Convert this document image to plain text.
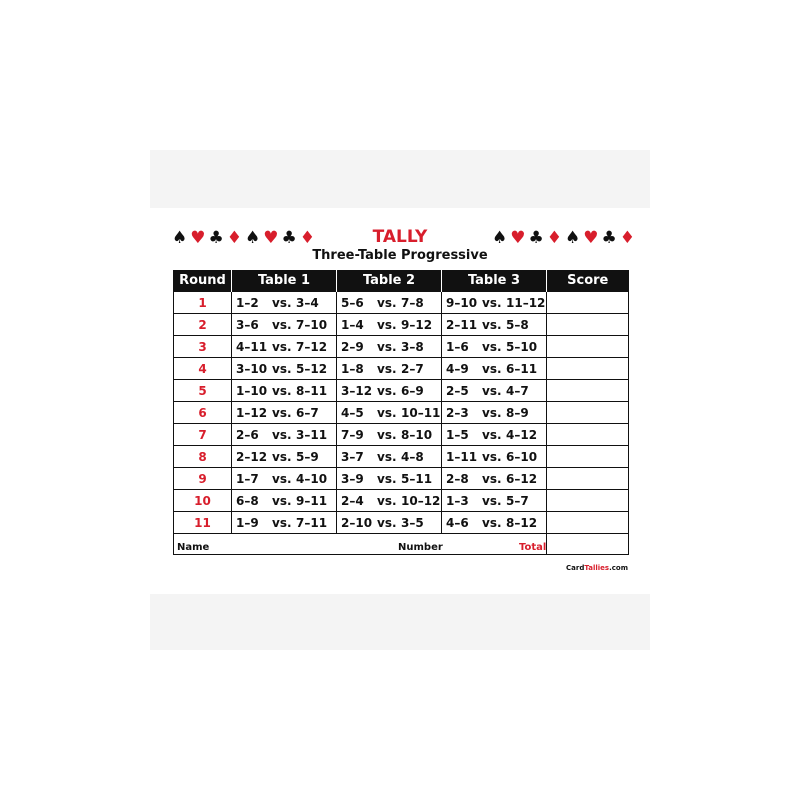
♠♥♣♦♠♥♣♦	♠♥♣♦♠♥♣♦
TALLY
Three-Table Progressive
Round	Table 1	Table 2	Table 3	Score
1	1–2 vs. 3–4	5–6 vs. 7–8	9–10 vs. 11–12	
2	3–6 vs. 7–10	1–4 vs. 9–12	2–11 vs. 5–8	
3	4–11 vs. 7–12	2–9 vs. 3–8	1–6 vs. 5–10	
4	3–10 vs. 5–12	1–8 vs. 2–7	4–9 vs. 6–11	
5	1–10 vs. 8–11	3–12 vs. 6–9	2–5 vs. 4–7	
6	1–12 vs. 6–7	4–5 vs. 10–11	2–3 vs. 8–9	
7	2–6 vs. 3–11	7–9 vs. 8–10	1–5 vs. 4–12	
8	2–12 vs. 5–9	3–7 vs. 4–8	1–11 vs. 6–10	
9	1–7 vs. 4–10	3–9 vs. 5–11	2–8 vs. 6–12	
10	6–8 vs. 9–11	2–4 vs. 10–12	1–3 vs. 5–7	
11	1–9 vs. 7–11	2–10 vs. 3–5	4–6 vs. 8–12	

Name Number Total				

CardTallies.com
